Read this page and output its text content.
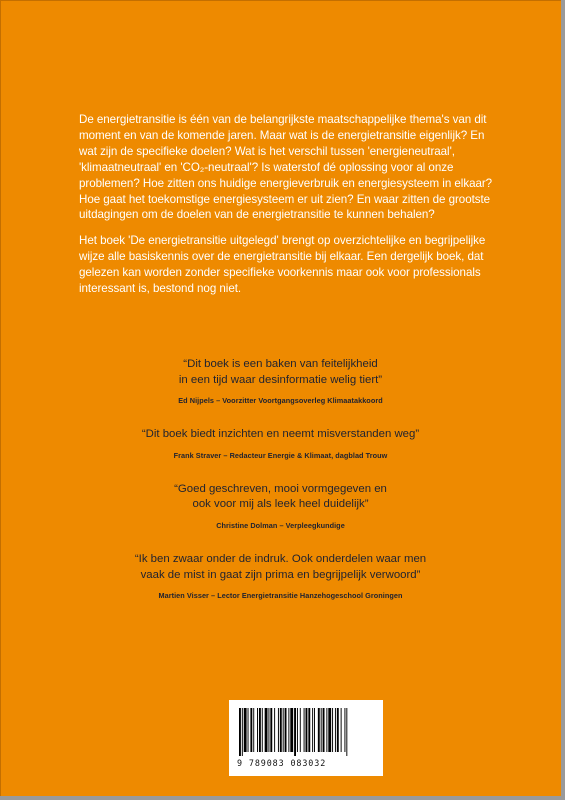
De energietransitie is één van de belangrijkste maatschappelijke thema's van dit moment en van de komende jaren. Maar wat is de energietransitie eigenlijk? En wat zijn de specifieke doelen? Wat is het verschil tussen 'energieneutraal', 'klimaatneutraal' en 'CO₂-neutraal'? Is waterstof dé oplossing voor al onze problemen? Hoe zitten ons huidige energieverbruik en energiesysteem in elkaar? Hoe gaat het toekomstige energiesysteem er uit zien? En waar zitten de grootste uitdagingen om de doelen van de energietransitie te kunnen behalen?

Het boek 'De energietransitie uitgelegd' brengt op overzichtelijke en begrijpelijke wijze alle basiskennis over de energietransitie bij elkaar. Een dergelijk boek, dat gelezen kan worden zonder specifieke voorkennis maar ook voor professionals interessant is, bestond nog niet.

“Dit boek is een baken van feitelijkheid
in een tijd waar desinformatie welig tiert”

Ed Nijpels – Voorzitter Voortgangsoverleg Klimaatakkoord

“Dit boek biedt inzichten en neemt misverstanden weg”

Frank Straver – Redacteur Energie & Klimaat, dagblad Trouw

“Goed geschreven, mooi vormgegeven en
ook voor mij als leek heel duidelijk”

Christine Dolman – Verpleegkundige

“Ik ben zwaar onder de indruk. Ook onderdelen waar men
vaak de mist in gaat zijn prima en begrijpelijk verwoord”

Martien Visser – Lector Energietransitie Hanzehogeschool Groningen
9 789083 083032
